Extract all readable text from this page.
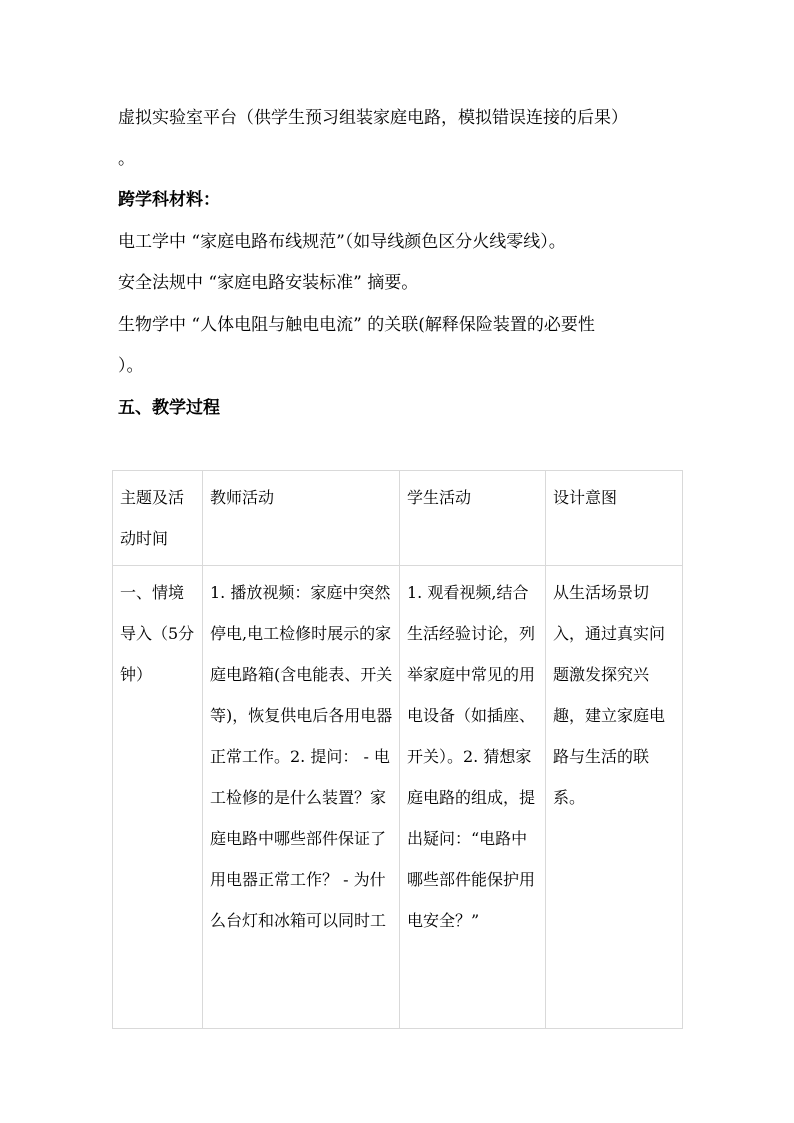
虚拟实验室平台（供学生预习组装家庭电路，模拟错误连接的后果）
。
跨学科材料：
电工学中 “家庭电路布线规范”（如导线颜色区分火线零线）。
安全法规中 “家庭电路安装标准” 摘要。
生物学中 “人体电阻与触电电流” 的关联(解释保险装置的必要性
）。
五、教学过程
主题及活动时间	教师活动	学生活动	设计意图
一、情境导入（5分钟）	1. 播放视频：家庭中突然停电,电工检修时展示的家庭电路箱(含电能表、开关等)，恢复供电后各用电器正常工作。2. 提问： - 电工检修的是什么装置？家庭电路中哪些部件保证了用电器正常工作？ - 为什么台灯和冰箱可以同时工	1. 观看视频,结合生活经验讨论，列举家庭中常见的用电设备（如插座、开关）。2. 猜想家庭电路的组成，提出疑问：“电路中哪些部件能保护用电安全？”	从生活场景切入，通过真实问题激发探究兴趣，建立家庭电路与生活的联系。
